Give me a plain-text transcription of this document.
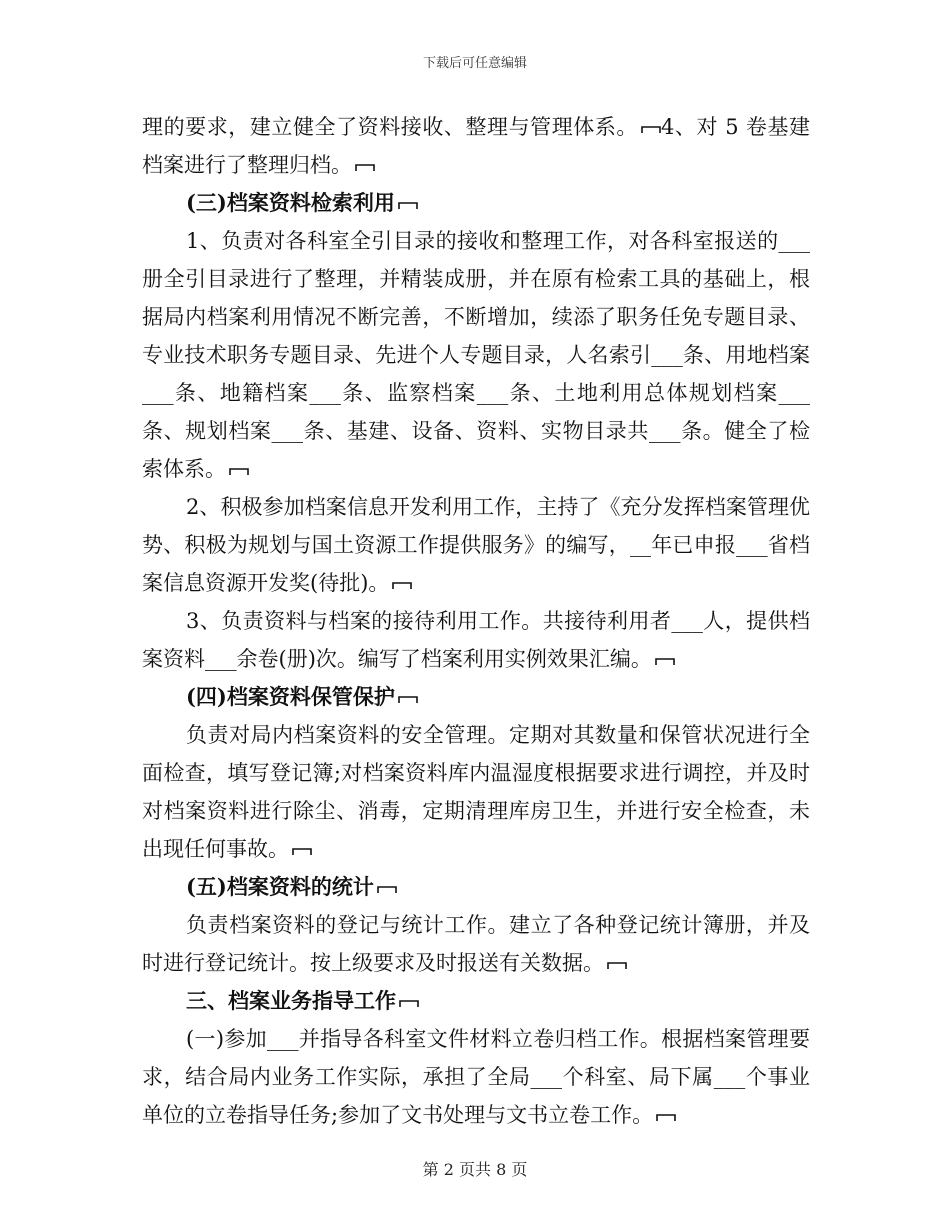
下载后可任意编辑

理的要求，建立健全了资料接收、整理与管理体系。 4、对 5 卷基建档案进行了整理归档。

(三)档案资料检索利用

1、负责对各科室全引目录的接收和整理工作，对各科室报送的___册全引目录进行了整理，并精装成册，并在原有检索工具的基础上，根据局内档案利用情况不断完善，不断增加，续添了职务任免专题目录、专业技术职务专题目录、先进个人专题目录，人名索引___条、用地档案___条、地籍档案___条、监察档案___条、土地利用总体规划档案___条、规划档案___条、基建、设备、资料、实物目录共___条。健全了检索体系。

2、积极参加档案信息开发利用工作，主持了《充分发挥档案管理优势、积极为规划与国土资源工作提供服务》的编写，__年已申报___省档案信息资源开发奖(待批)。

3、负责资料与档案的接待利用工作。共接待利用者___人，提供档案资料___余卷(册)次。编写了档案利用实例效果汇编。

(四)档案资料保管保护

负责对局内档案资料的安全管理。定期对其数量和保管状况进行全面检查，填写登记簿;对档案资料库内温湿度根据要求进行调控，并及时对档案资料进行除尘、消毒，定期清理库房卫生，并进行安全检查，未出现任何事故。

(五)档案资料的统计

负责档案资料的登记与统计工作。建立了各种登记统计簿册，并及时进行登记统计。按上级要求及时报送有关数据。

三、档案业务指导工作

(一)参加___并指导各科室文件材料立卷归档工作。根据档案管理要求，结合局内业务工作实际，承担了全局___个科室、局下属___个事业单位的立卷指导任务;参加了文书处理与文书立卷工作。

第 2 页共 8 页
